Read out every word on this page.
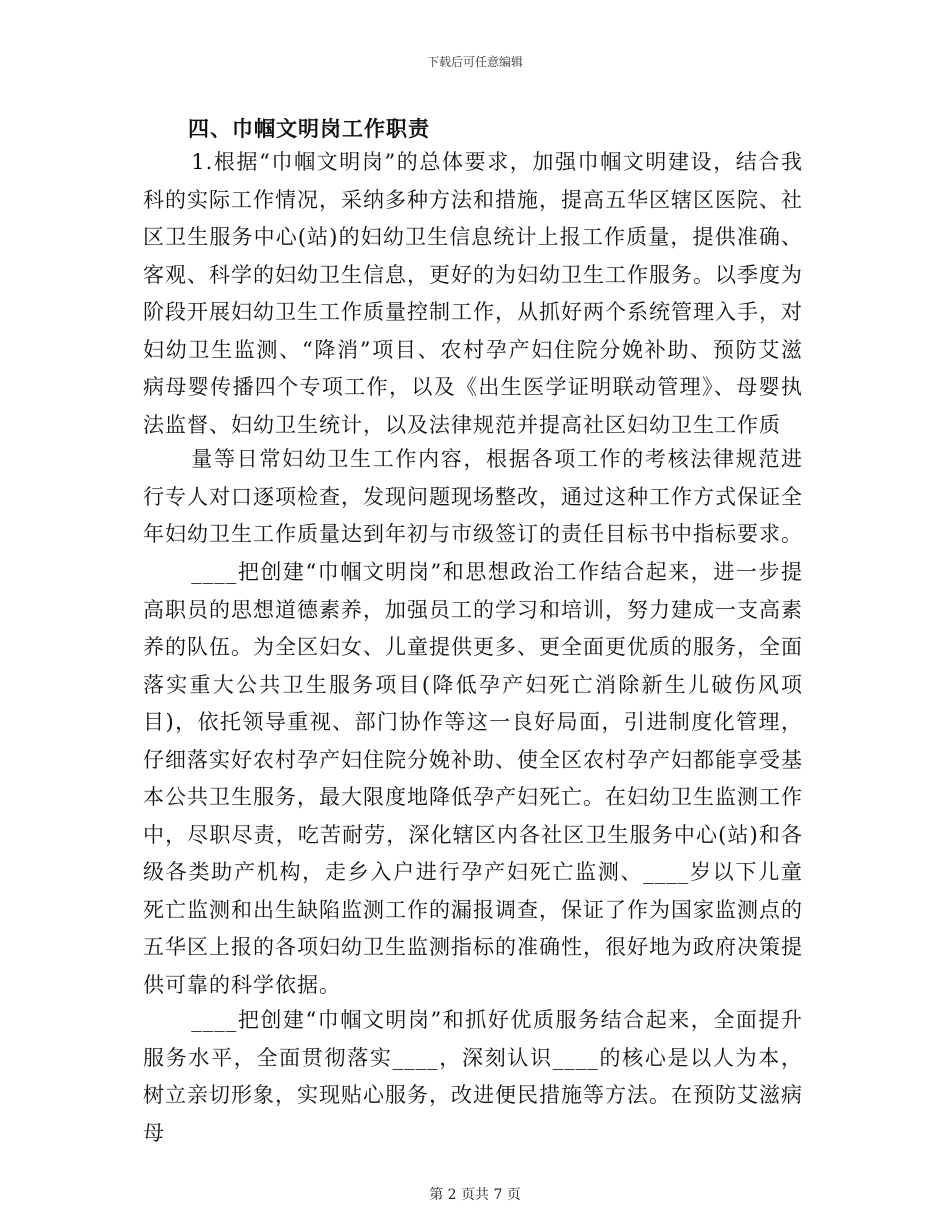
下载后可任意编辑
四、巾帼文明岗工作职责

1.根据“巾帼文明岗”的总体要求，加强巾帼文明建设，结合我科的实际工作情况，采纳多种方法和措施，提高五华区辖区医院、社区卫生服务中心(站)的妇幼卫生信息统计上报工作质量，提供准确、客观、科学的妇幼卫生信息，更好的为妇幼卫生工作服务。以季度为阶段开展妇幼卫生工作质量控制工作，从抓好两个系统管理入手，对妇幼卫生监测、“降消”项目、农村孕产妇住院分娩补助、预防艾滋病母婴传播四个专项工作，以及《出生医学证明联动管理》、母婴执法监督、妇幼卫生统计，以及法律规范并提高社区妇幼卫生工作质

量等日常妇幼卫生工作内容，根据各项工作的考核法律规范进行专人对口逐项检查，发现问题现场整改，通过这种工作方式保证全年妇幼卫生工作质量达到年初与市级签订的责任目标书中指标要求。

____把创建“巾帼文明岗”和思想政治工作结合起来，进一步提高职员的思想道德素养，加强员工的学习和培训，努力建成一支高素养的队伍。为全区妇女、儿童提供更多、更全面更优质的服务，全面落实重大公共卫生服务项目(降低孕产妇死亡消除新生儿破伤风项目)，依托领导重视、部门协作等这一良好局面，引进制度化管理，仔细落实好农村孕产妇住院分娩补助、使全区农村孕产妇都能享受基本公共卫生服务，最大限度地降低孕产妇死亡。在妇幼卫生监测工作中，尽职尽责，吃苦耐劳，深化辖区内各社区卫生服务中心(站)和各级各类助产机构，走乡入户进行孕产妇死亡监测、____岁以下儿童死亡监测和出生缺陷监测工作的漏报调查，保证了作为国家监测点的五华区上报的各项妇幼卫生监测指标的准确性，很好地为政府决策提供可靠的科学依据。

____把创建“巾帼文明岗”和抓好优质服务结合起来，全面提升服务水平，全面贯彻落实____，深刻认识____的核心是以人为本，树立亲切形象，实现贴心服务，改进便民措施等方法。在预防艾滋病母

第 2 页共 7 页
